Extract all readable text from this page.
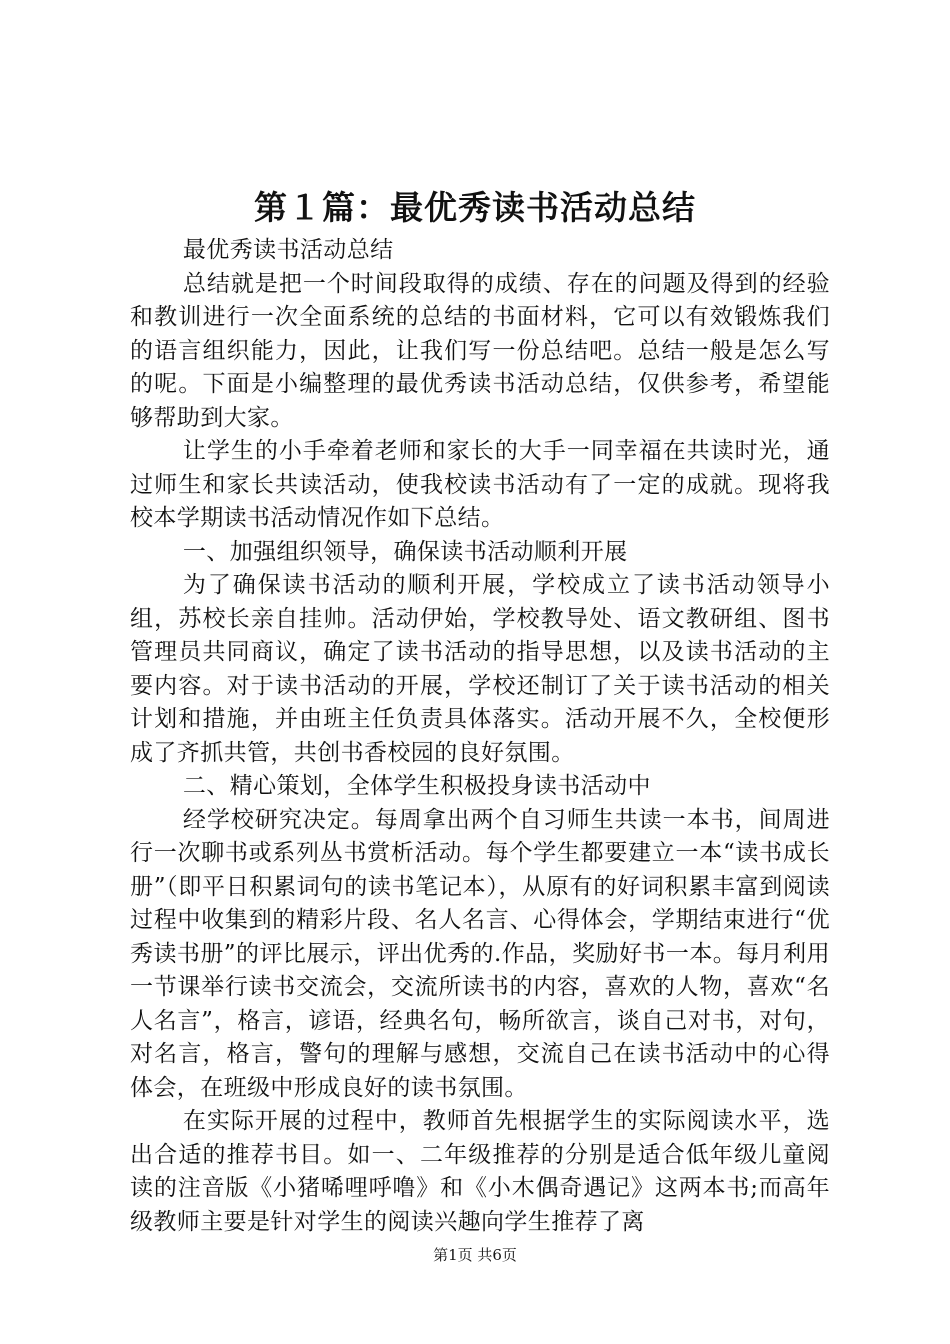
第１篇：最优秀读书活动总结

最优秀读书活动总结

总结就是把一个时间段取得的成绩、存在的问题及得到的经验和教训进行一次全面系统的总结的书面材料，它可以有效锻炼我们的语言组织能力，因此，让我们写一份总结吧。总结一般是怎么写的呢。下面是小编整理的最优秀读书活动总结，仅供参考，希望能够帮助到大家。

让学生的小手牵着老师和家长的大手一同幸福在共读时光，通过师生和家长共读活动，使我校读书活动有了一定的成就。现将我校本学期读书活动情况作如下总结。

一、加强组织领导，确保读书活动顺利开展

为了确保读书活动的顺利开展，学校成立了读书活动领导小组，苏校长亲自挂帅。活动伊始，学校教导处、语文教研组、图书管理员共同商议，确定了读书活动的指导思想，以及读书活动的主要内容。对于读书活动的开展，学校还制订了关于读书活动的相关计划和措施，并由班主任负责具体落实。活动开展不久，全校便形成了齐抓共管，共创书香校园的良好氛围。

二、精心策划，全体学生积极投身读书活动中

经学校研究决定。每周拿出两个自习师生共读一本书，间周进行一次聊书或系列丛书赏析活动。每个学生都要建立一本“读书成长册”（即平日积累词句的读书笔记本），从原有的好词积累丰富到阅读过程中收集到的精彩片段、名人名言、心得体会，学期结束进行“优秀读书册”的评比展示，评出优秀的.作品，奖励好书一本。每月利用一节课举行读书交流会，交流所读书的内容，喜欢的人物，喜欢“名人名言”，格言，谚语，经典名句，畅所欲言，谈自己对书，对句，对名言，格言，警句的理解与感想，交流自己在读书活动中的心得体会，在班级中形成良好的读书氛围。

在实际开展的过程中，教师首先根据学生的实际阅读水平，选出合适的推荐书目。如一、二年级推荐的分别是适合低年级儿童阅读的注音版《小猪唏哩呼噜》和《小木偶奇遇记》这两本书;而高年级教师主要是针对学生的阅读兴趣向学生推荐了离

第1页 共6页
